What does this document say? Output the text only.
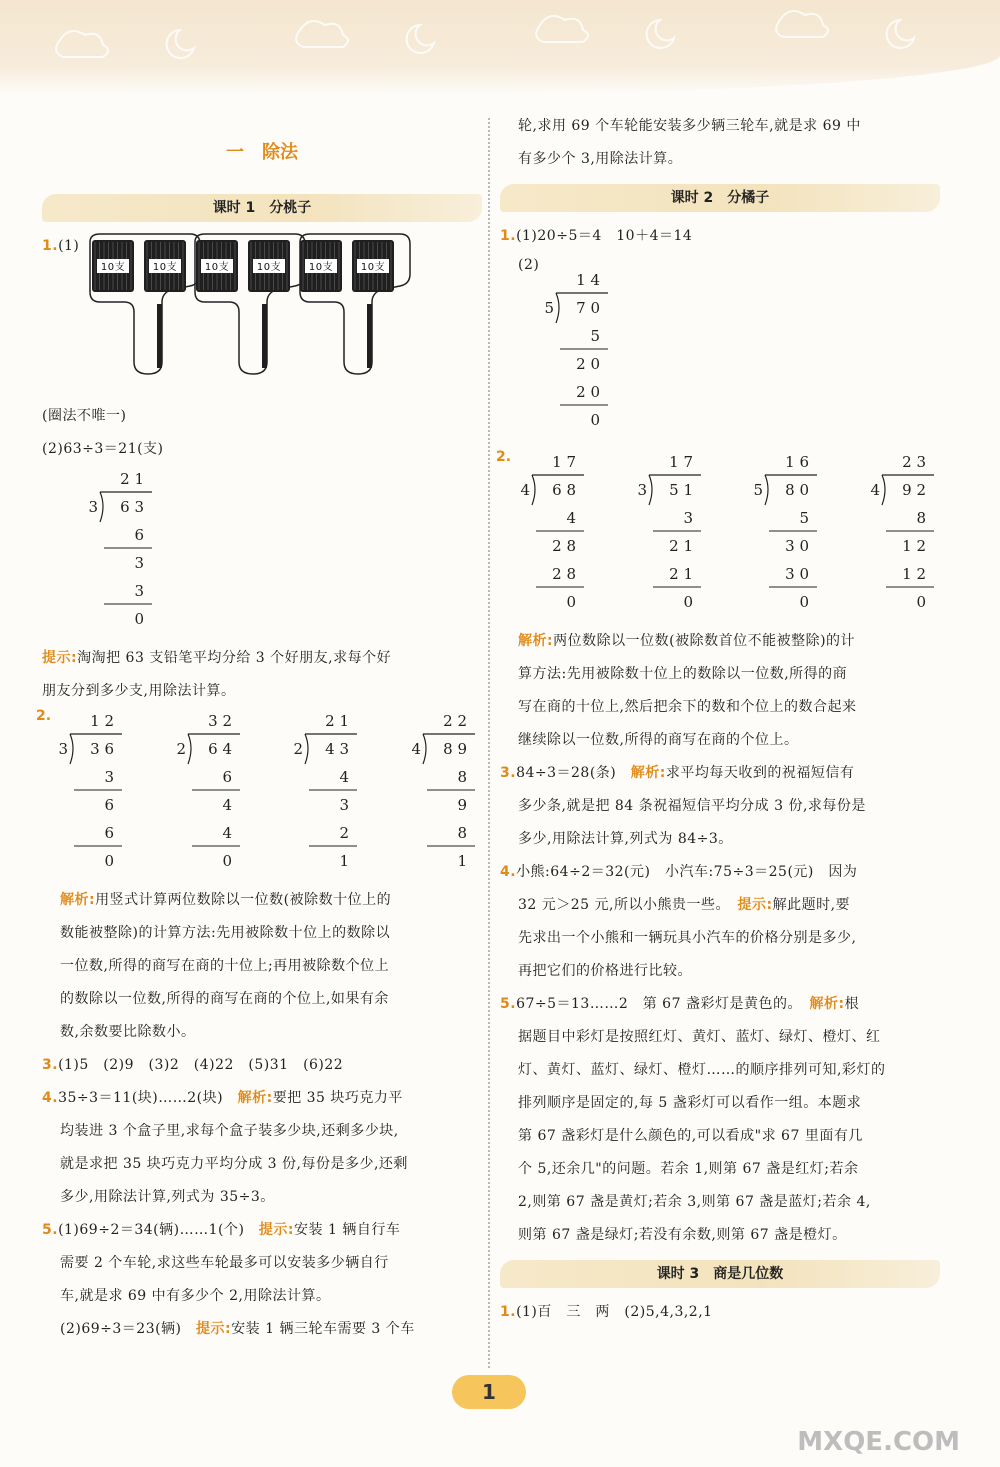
一　除法
课时 1　分桃子
1.(1)
10支	10支	10支	10支	10支	10支
(圈法不唯一)
(2)63÷3＝21(支)
2 1
3 6 3
6
3
3
0
提示:淘淘把 63 支铅笔平均分给 3 个好朋友,求每个好
朋友分到多少支,用除法计算。
2.	1 2
3 3 6
3
6
6
0
3 2
2 6 4
6
4
4
0
2 1
2 4 3
4
3
2
1
2 2
4 8 9
8
9
8
1
解析:用竖式计算两位数除以一位数(被除数十位上的
数能被整除)的计算方法:先用被除数十位上的数除以
一位数,所得的商写在商的十位上;再用被除数个位上
的数除以一位数,所得的商写在商的个位上,如果有余
数,余数要比除数小。
3.(1)5　(2)9　(3)2　(4)22　(5)31　(6)22
4.35÷3＝11(块)……2(块)　 解析:要把 35 块巧克力平
均装进 3 个盒子里,求每个盒子装多少块,还剩多少块,
就是求把 35 块巧克力平均分成 3 份,每份是多少,还剩
多少,用除法计算,列式为 35÷3。
5.(1)69÷2＝34(辆)……1(个)　 提示:安装 1 辆自行车
需要 2 个车轮,求这些车轮最多可以安装多少辆自行
车,就是求 69 中有多少个 2,用除法计算。
(2)69÷3＝23(辆)　 提示:安装 1 辆三轮车需要 3 个车
轮,求用 69 个车轮能安装多少辆三轮车,就是求 69 中
有多少个 3,用除法计算。
课时 2　分橘子
1.(1)20÷5＝4　10＋4＝14
(2)
1 4
5 7 0
5
2 0
2 0
0
2.	1 7
4 6 8
4
2 8
2 8
0
1 7
3 5 1
3
2 1
2 1
0
1 6
5 8 0
5
3 0
3 0
0
2 3
4 9 2
8
1 2
1 2
0
解析:两位数除以一位数(被除数首位不能被整除)的计
算方法:先用被除数十位上的数除以一位数,所得的商
写在商的十位上,然后把余下的数和个位上的数合起来
继续除以一位数,所得的商写在商的个位上。
3.84÷3＝28(条)　 解析:求平均每天收到的祝福短信有
多少条,就是把 84 条祝福短信平均分成 3 份,求每份是
多少,用除法计算,列式为 84÷3。
4.小熊:64÷2＝32(元)　小汽车:75÷3＝25(元)　因为
32 元＞25 元,所以小熊贵一些。　 提示:解此题时,要
先求出一个小熊和一辆玩具小汽车的价格分别是多少,
再把它们的价格进行比较。
5.67÷5＝13……2　第 67 盏彩灯是黄色的。　 解析:根
据题目中彩灯是按照红灯、黄灯、蓝灯、绿灯、橙灯、红
灯、黄灯、蓝灯、绿灯、橙灯……的顺序排列可知,彩灯的
排列顺序是固定的,每 5 盏彩灯可以看作一组。本题求
第 67 盏彩灯是什么颜色的,可以看成"求 67 里面有几
个 5,还余几"的问题。若余 1,则第 67 盏是红灯;若余
2,则第 67 盏是黄灯;若余 3,则第 67 盏是蓝灯;若余 4,
则第 67 盏是绿灯;若没有余数,则第 67 盏是橙灯。
课时 3　商是几位数
1.(1)百　三　两　(2)5,4,3,2,1
1
MXQE.COM
